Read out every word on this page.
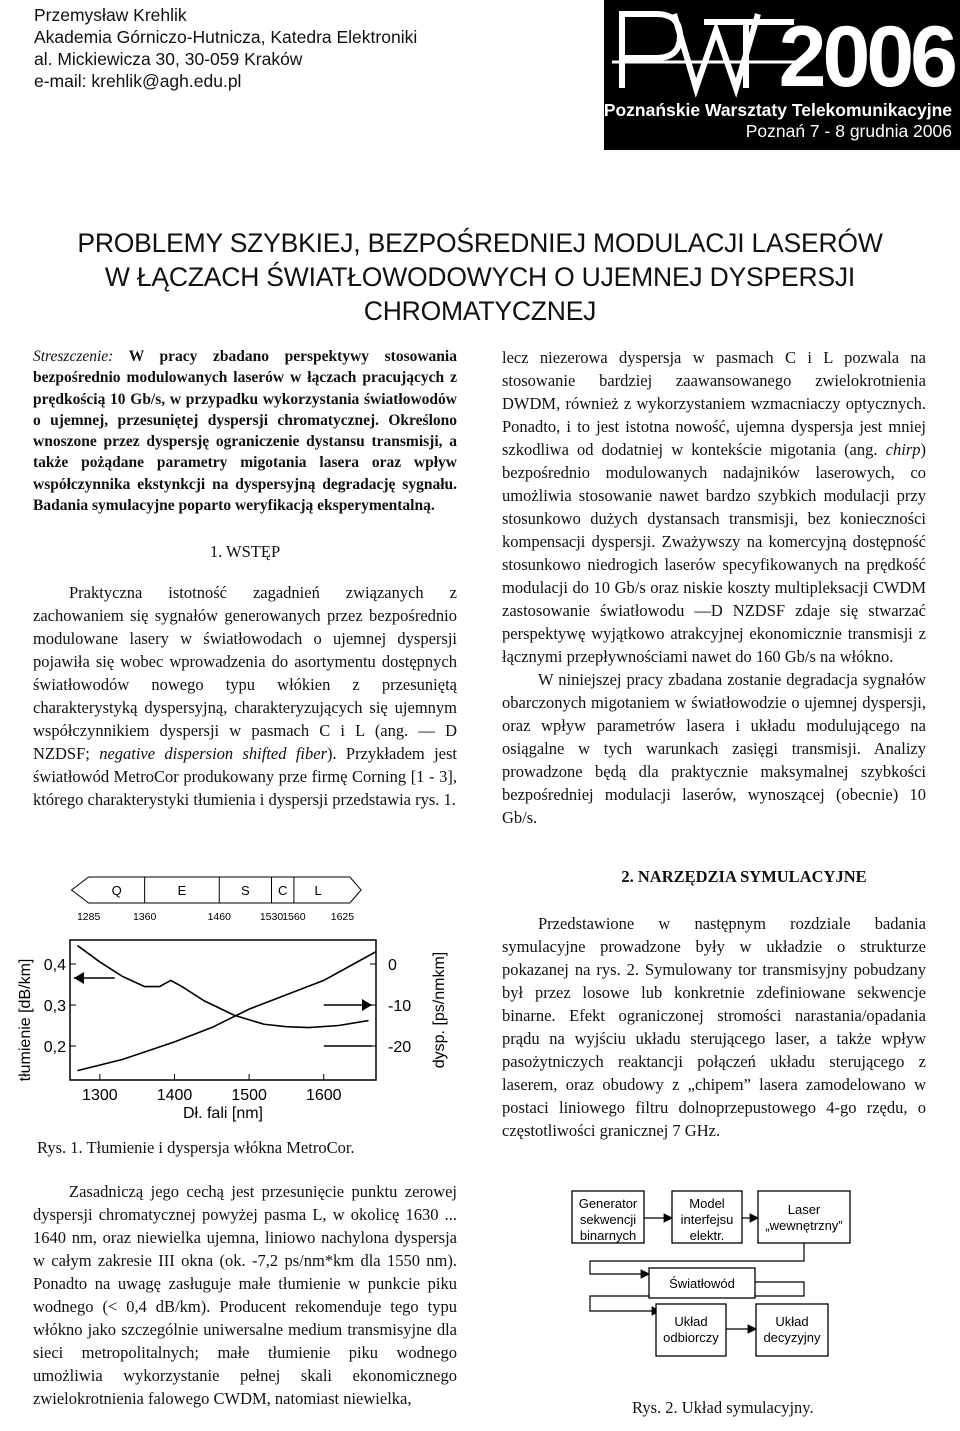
Przemysław Krehlik
Akademia Górniczo-Hutnicza, Katedra Elektroniki
al. Mickiewicza 30, 30-059 Kraków
e-mail: krehlik@agh.edu.pl	2006
Poznańskie Warsztaty Telekomunikacyjne
Poznań 7 - 8 grudnia 2006
PROBLEMY SZYBKIEJ, BEZPOŚREDNIEJ MODULACJI LASERÓW
W ŁĄCZACH ŚWIATŁOWODOWYCH O UJEMNEJ DYSPERSJI
CHROMATYCZNEJ

Streszczenie: W pracy zbadano perspektywy stosowania bezpośrednio modulowanych laserów w łączach pracujących z prędkością 10 Gb/s, w przypadku wykorzystania światłowodów o ujemnej, przesuniętej dyspersji chromatycznej. Określono wnoszone przez dyspersję ograniczenie dystansu transmisji, a także pożądane parametry migotania lasera oraz wpływ współczynnika ekstynkcji na dyspersyjną degradację sygnału. Badania symulacyjne poparto weryfikacją eksperymentalną.

1. WSTĘP

Praktyczna istotność zagadnień związanych z zachowaniem się sygnałów generowanych przez bezpośrednio modulowane lasery w światłowodach o ujemnej dyspersji pojawiła się wobec wprowadzenia do asortymentu dostępnych światłowodów nowego typu włókien z przesuniętą charakterystyką dyspersyjną, charakteryzujących się ujemnym współczynnikiem dyspersji w pasmach C i L (ang. — D NZDSF; negative dispersion shifted fiber). Przykładem jest światłowód MetroCor produkowany prze firmę Corning [1 - 3], którego charakterystyki tłumienia i dyspersji przedstawia rys. 1.

Q	E	S C L
1285	1360	1460	1530 1560 1625
0,4
0,3
0,2
0
-10
-20
1300 1400 1500 1600
Dł. fali [nm]
tłumienie [dB/km]	dysp. [ps/nmkm]
Rys. 1. Tłumienie i dyspersja włókna MetroCor.
Zasadniczą jego cechą jest przesunięcie punktu zerowej dyspersji chromatycznej powyżej pasma L, w okolicę 1630 ... 1640 nm, oraz niewielka ujemna, liniowo nachylona dyspersja w całym zakresie III okna (ok. -7,2 ps/nm*km dla 1550 nm). Ponadto na uwagę zasługuje małe tłumienie w punkcie piku wodnego (< 0,4 dB/km). Producent rekomenduje tego typu włókno jako szczególnie uniwersalne medium transmisyjne dla sieci metropolitalnych; małe tłumienie piku wodnego umożliwia wykorzystanie pełnej skali ekonomicznego zwielokrotnienia falowego CWDM, natomiast niewielka,

lecz niezerowa dyspersja w pasmach C i L pozwala na stosowanie bardziej zaawansowanego zwielokrotnienia DWDM, również z wykorzystaniem wzmacniaczy optycznych. Ponadto, i to jest istotna nowość, ujemna dyspersja jest mniej szkodliwa od dodatniej w kontekście migotania (ang. chirp) bezpośrednio modulowanych nadajników laserowych, co umożliwia stosowanie nawet bardzo szybkich modulacji przy stosunkowo dużych dystansach transmisji, bez konieczności kompensacji dyspersji. Zważywszy na komercyjną dostępność stosunkowo niedrogich laserów specyfikowanych na prędkość modulacji do 10 Gb/s oraz niskie koszty multipleksacji CWDM zastosowanie światłowodu —D NZDSF zdaje się stwarzać perspektywę wyjątkowo atrakcyjnej ekonomicznie transmisji z łącznymi przepływnościami nawet do 160 Gb/s na włókno.

W niniejszej pracy zbadana zostanie degradacja sygnałów obarczonych migotaniem w światłowodzie o ujemnej dyspersji, oraz wpływ parametrów lasera i układu modulującego na osiągalne w tych warunkach zasięgi transmisji. Analizy prowadzone będą dla praktycznie maksymalnej szybkości bezpośredniej modulacji laserów, wynoszącej (obecnie) 10 Gb/s.

2. NARZĘDZIA SYMULACYJNE

Przedstawione w następnym rozdziale badania symulacyjne prowadzone były w układzie o strukturze pokazanej na rys. 2. Symulowany tor transmisyjny pobudzany był przez losowe lub konkretnie zdefiniowane sekwencje binarne. Efekt ograniczonej stromości narastania/opadania prądu na wyjściu układu sterującego laser, a także wpływ pasożytniczych reaktancji połączeń układu sterującego z laserem, oraz obudowy z „chipem” lasera zamodelowano w postaci liniowego filtru dolnoprzepustowego 4-go rzędu, o częstotliwości granicznej 7 GHz.

Generator
sekwencji
binarnych
Model
interfejsu
elektr.
Laser
„wewnętrzny”
Światłowód
Układ
odbiorczy
Układ
decyzyjny
Rys. 2. Układ symulacyjny.
